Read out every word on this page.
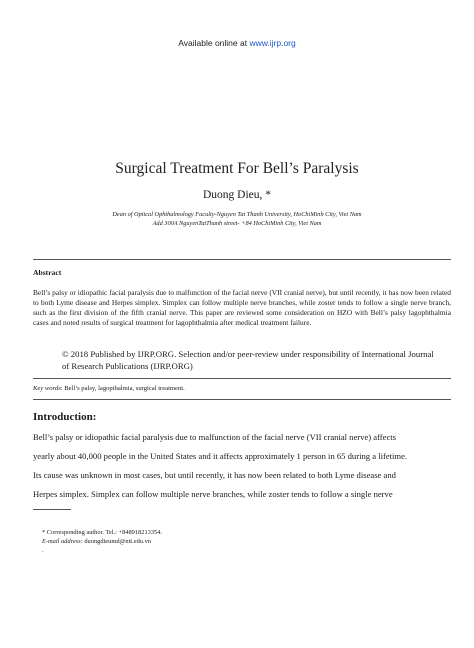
Available online at www.ijrp.org
Surgical Treatment For Bell’s Paralysis
Duong Dieu, *
Dean of Optical Ophthalmology Faculty-Nguyen Tat Thanh University, HoChiMinh City, Viet Nam
Add 300A NguyenTatThanh street- +84 HoChiMinh City, Viet Nam
Abstract
Bell’s palsy or idiopathic facial paralysis due to malfunction of the facial nerve (VII cranial nerve), but until recently, it has now been related to both Lyme disease and Herpes simplex. Simplex can follow multiple nerve branches, while zoster tends to follow a single nerve branch, such as the first division of the fifth cranial nerve. This paper are reviewed some consideration on HZO with Bell’s palsy lagophthalmia cases and noted results of surgical treatment for lagophthalmia after medical treatment failure.
© 2018 Published by IJRP.ORG. Selection and/or peer-review under responsibility of International Journal of Research Publications (IJRP.ORG)
Key words: Bell’s palsy, lagopthalmia, surgical treatment.
Introduction:
Bell’s palsy or idiopathic facial paralysis due to malfunction of the facial nerve (VII cranial nerve) affects
yearly about 40,000 people in the United States and it affects approximately 1 person in 65 during a lifetime.
Its cause was unknown in most cases, but until recently, it has now been related to both Lyme disease and
Herpes simplex. Simplex can follow multiple nerve branches, while zoster tends to follow a single nerve
* Corresponding author. Tel.: +848918213354.
E-mail address: duongdieumd@ntt.edu.vn
.
